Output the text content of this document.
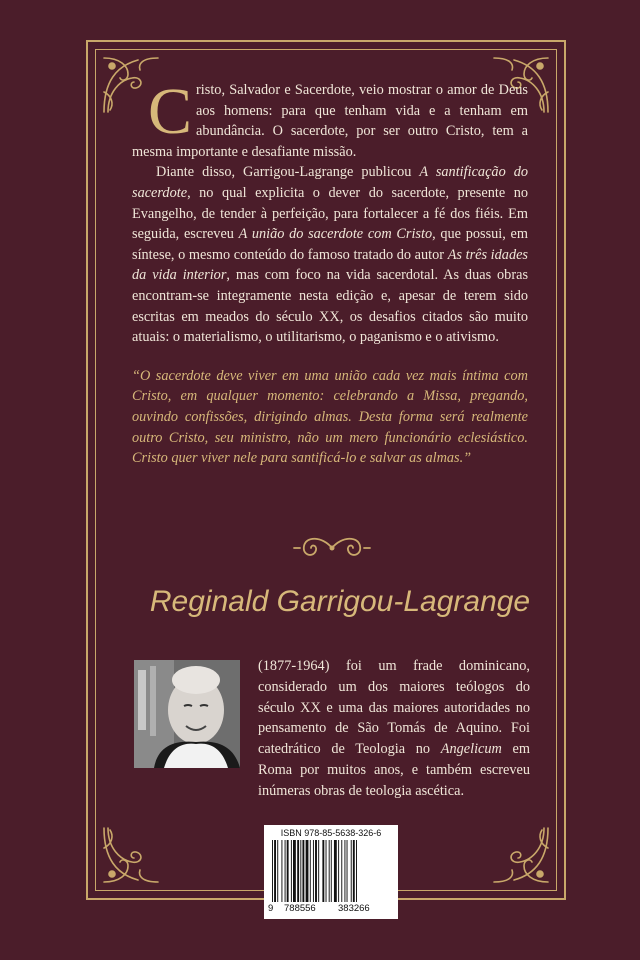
Cristo, Salvador e Sacerdote, veio mostrar o amor de Deus aos homens: para que tenham vida e a tenham em abundância. O sacerdote, por ser outro Cristo, tem a mesma importante e desafiante missão.

Diante disso, Garrigou-Lagrange publicou A santificação do sacerdote, no qual explicita o dever do sacerdote, presente no Evangelho, de tender à perfeição, para fortalecer a fé dos fiéis. Em seguida, escreveu A união do sacerdote com Cristo, que possui, em síntese, o mesmo conteúdo do famoso tratado do autor As três idades da vida interior, mas com foco na vida sacerdotal. As duas obras encontram-se integramente nesta edição e, apesar de terem sido escritas em meados do século XX, os desafios citados são muito atuais: o materialismo, o utilitarismo, o paganismo e o ativismo.

“O sacerdote deve viver em uma união cada vez mais íntima com Cristo, em qualquer momento: celebrando a Missa, pregando, ouvindo confissões, dirigindo almas. Desta forma será realmente outro Cristo, seu ministro, não um mero funcionário eclesiástico. Cristo quer viver nele para santificá-lo e salvar as almas.”

Reginald Garrigou-Lagrange
(1877-1964) foi um frade dominicano, considerado um dos maiores teólogos do século XX e uma das maiores autoridades no pensamento de São Tomás de Aquino. Foi catedrático de Teologia no Angelicum em Roma por muitos anos, e também escreveu inúmeras obras de teologia ascética.
ISBN 978-85-5638-326-6
9 788556 383266
